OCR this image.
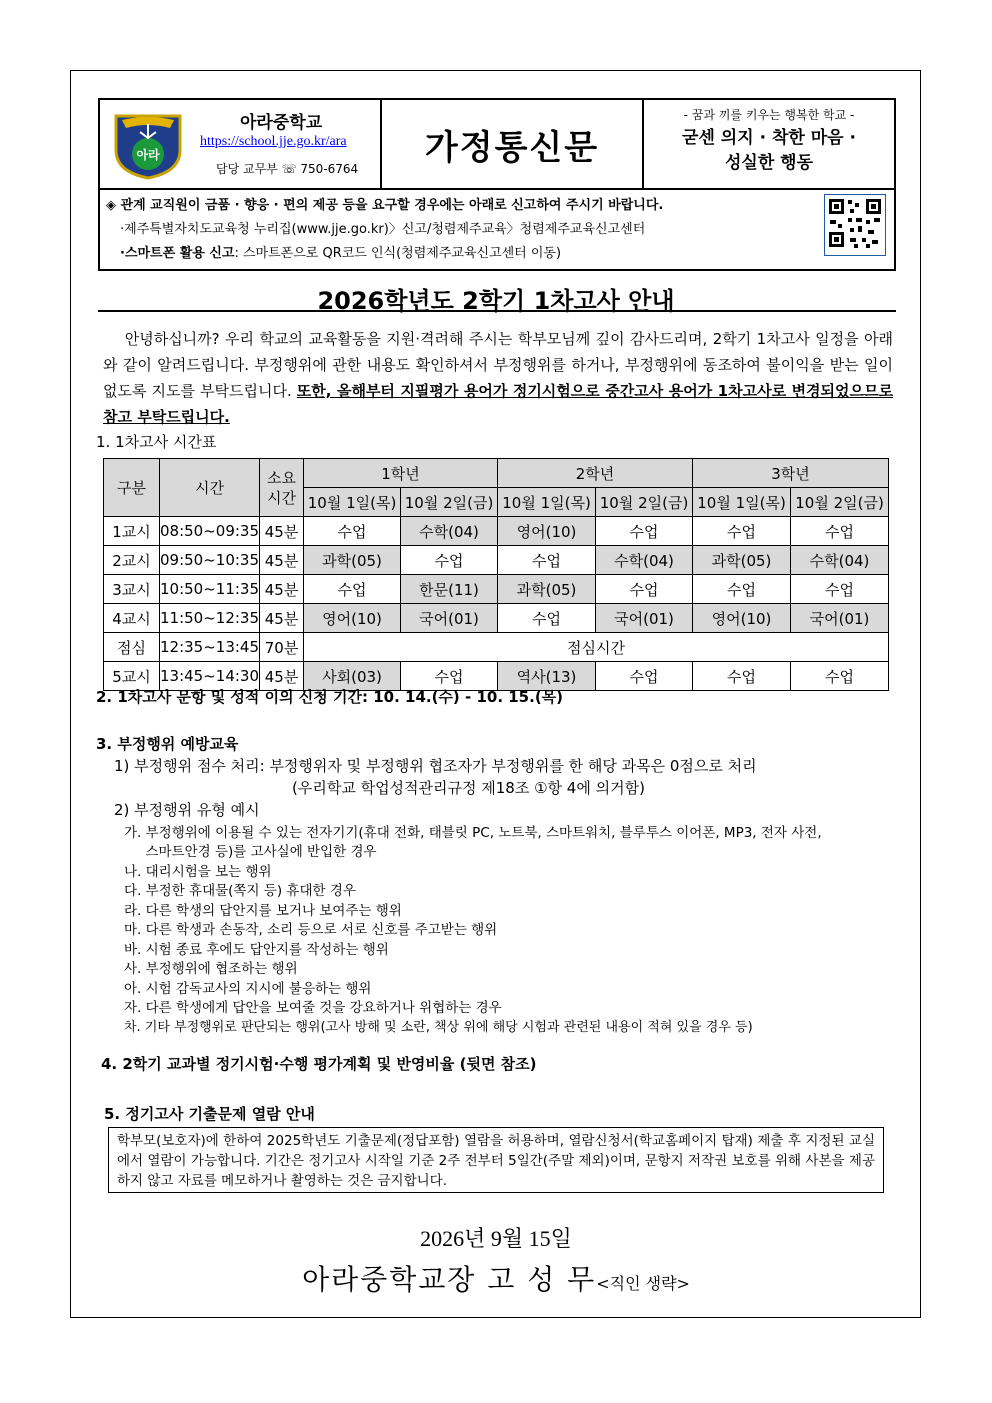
아라
아라중학교
https://school.jje.go.kr/ara
담당 교무부 ☏ 750-6764
가정통신문
- 꿈과 끼를 키우는 행복한 학교 -
굳센 의지 · 착한 마음 ·
성실한 행동
◈ 관계 교직원이 금품 · 향응 · 편의 제공 등을 요구할 경우에는 아래로 신고하여 주시기 바랍니다.
·제주특별자치도교육청 누리집(www.jje.go.kr)〉신고/청렴제주교육〉청렴제주교육신고센터
·스마트폰 활용 신고: 스마트폰으로 QR코드 인식(청렴제주교육신고센터 이동)
2026학년도 2학기 1차고사 안내
안녕하십니까? 우리 학교의 교육활동을 지원·격려해 주시는 학부모님께 깊이 감사드리며, 2학기 1차고사 일정을 아래와 같이 알려드립니다. 부정행위에 관한 내용도 확인하셔서 부정행위를 하거나, 부정행위에 동조하여 불이익을 받는 일이 없도록 지도를 부탁드립니다. 또한, 올해부터 지필평가 용어가 정기시험으로 중간고사 용어가 1차고사로 변경되었으므로 참고 부탁드립니다.
1. 1차고사 시간표
구분	시간	소요
시간	1학년		2학년		3학년	
			10월 1일(목)	10월 2일(금)	10월 1일(목)	10월 2일(금)	10월 1일(목)	10월 2일(금)
1교시	08:50~09:35	45분	수업	수학(04)	영어(10)	수업	수업	수업
2교시	09:50~10:35	45분	과학(05)	수업	수업	수학(04)	과학(05)	수학(04)
3교시	10:50~11:35	45분	수업	한문(11)	과학(05)	수업	수업	수업
4교시	11:50~12:35	45분	영어(10)	국어(01)	수업	국어(01)	영어(10)	국어(01)
점심	12:35~13:45	70분	점심시간					
5교시	13:45~14:30	45분	사회(03)	수업	역사(13)	수업	수업	수업
2. 1차고사 문항 및 성적 이의 신청 기간: 10. 14.(수) - 10. 15.(목)
3. 부정행위 예방교육
1) 부정행위 점수 처리: 부정행위자 및 부정행위 협조자가 부정행위를 한 해당 과목은 0점으로 처리
(우리학교 학업성적관리규정 제18조 ①항 4에 의거함)
2) 부정행위 유형 예시
가. 부정행위에 이용될 수 있는 전자기기(휴대 전화, 태블릿 PC, 노트북, 스마트워치, 블루투스 이어폰, MP3, 전자 사전,
스마트안경 등)를 고사실에 반입한 경우
나. 대리시험을 보는 행위
다. 부정한 휴대물(쪽지 등) 휴대한 경우
라. 다른 학생의 답안지를 보거나 보여주는 행위
마. 다른 학생과 손동작, 소리 등으로 서로 신호를 주고받는 행위
바. 시험 종료 후에도 답안지를 작성하는 행위
사. 부정행위에 협조하는 행위
아. 시험 감독교사의 지시에 불응하는 행위
자. 다른 학생에게 답안을 보여줄 것을 강요하거나 위협하는 경우
차. 기타 부정행위로 판단되는 행위(고사 방해 및 소란, 책상 위에 해당 시험과 관련된 내용이 적혀 있을 경우 등)
4. 2학기 교과별 정기시험·수행 평가계획 및 반영비율 (뒷면 참조)
5. 정기고사 기출문제 열람 안내
학부모(보호자)에 한하여 2025학년도 기출문제(정답포함) 열람을 허용하며, 열람신청서(학교홈페이지 탑재) 제출 후 지정된 교실에서 열람이 가능합니다. 기간은 정기고사 시작일 기준 2주 전부터 5일간(주말 제외)이며, 문항지 저작권 보호를 위해 사본을 제공하지 않고 자료를 메모하거나 촬영하는 것은 금지합니다.
2026년 9월 15일
아라중학교장 고 성 무<직인 생략>
